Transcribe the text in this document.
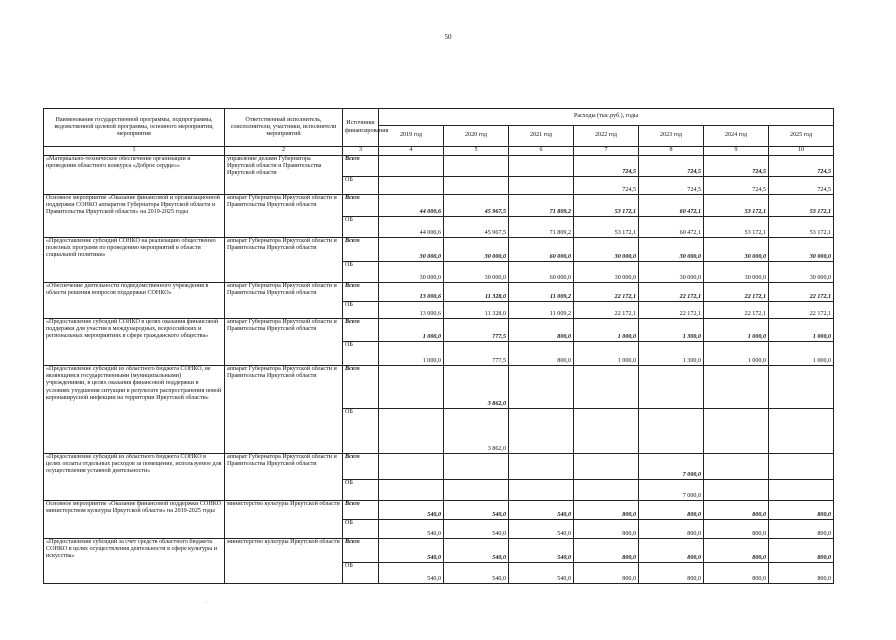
50
Наименование государственной программы, подпрограммы, ведомственной целевой программы, основного мероприятия, мероприятия	Ответственный исполнитель, соисполнители, участники, исполнители мероприятий	Источники финансирования	Расходы (тыс.руб.), годы						
			2019 год	2020 год	2021 год	2022 год	2023 год	2024 год	2025 год
1	2	3	4	5	6	7	8	9	10
«Материально-техническое обеспечение организации и проведения областного конкурса «Доброе сердце»»	управление делами Губернатора Иркутской области и Правительства Иркутской области	Всего				724,5	724,5	724,5	724,5
		ОБ				724,5	724,5	724,5	724,5
Основное мероприятие «Оказание финансовой и организационной поддержки СОНКО аппаратом Губернатора Иркутской области и Правительства Иркутской области» на 2019-2025 годы	аппарат Губернатора Иркутской области и Правительства Иркутской области	Всего	44 000,6	45 967,5	71 809,2	53 172,1	60 472,1	53 172,1	53 172,1
		ОБ	44 000,6	45 967,5	71 809,2	53 172,1	60 472,1	53 172,1	53 172,1
«Предоставление субсидий СОНКО на реализацию общественно полезных программ по проведению мероприятий в области социальной политики»	аппарат Губернатора Иркутской области и Правительства Иркутской области	Всего	30 000,0	30 000,0	60 000,0	30 000,0	30 000,0	30 000,0	30 000,0
		ОБ	30 000,0	30 000,0	60 000,0	30 000,0	30 000,0	30 000,0	30 000,0
«Обеспечение деятельности подведомственного учреждения в области решения вопросов поддержки СОНКО»	аппарат Губернатора Иркутской области и Правительства Иркутской области	Всего	13 000,6	11 328,0	11 009,2	22 172,1	22 172,1	22 172,1	22 172,1
		ОБ	13 000,6	11 328,0	11 009,2	22 172,1	22 172,1	22 172,1	22 172,1
«Предоставление субсидий СОНКО в целях оказания финансовой поддержки для участия в международных, всероссийских и региональных мероприятиях в сфере гражданского общества»	аппарат Губернатора Иркутской области и Правительства Иркутской области	Всего	1 000,0	777,5	800,0	1 000,0	1 300,0	1 000,0	1 000,0
		ОБ	1 000,0	777,5	800,0	1 000,0	1 300,0	1 000,0	1 000,0
«Предоставление субсидий из областного бюджета СОНКО, не являющимся государственными (муниципальными) учреждениями, в целях оказания финансовой поддержки в условиях ухудшения ситуации в результате распространения новой коронавирусной инфекции на территории Иркутской области»	аппарат Губернатора Иркутской области и Правительства Иркутской области	Всего		3 862,0					
		ОБ		3 862,0					
«Предоставление субсидий из областного бюджета СОНКО в целях оплаты отдельных расходов за помещение, используемое для осуществления уставной деятельности»	аппарат Губернатора Иркутской области и Правительства Иркутской области	Всего					7 000,0		
		ОБ					7 000,0		
Основное мероприятие «Оказание финансовой поддержки СОНКО министерством культуры Иркутской области» на 2019-2025 годы	министерство культуры Иркутской области	Всего	540,0	540,0	540,0	800,0	800,0	800,0	800,0
		ОБ	540,0	540,0	540,0	800,0	800,0	800,0	800,0
«Предоставление субсидий за счет средств областного бюджета СОНКО в целях осуществления деятельности в сфере культуры и искусства»	министерство культуры Иркутской области	Всего	540,0	540,0	540,0	800,0	800,0	800,0	800,0
		ОБ	540,0	540,0	540,0	800,0	800,0	800,0	800,0
·
